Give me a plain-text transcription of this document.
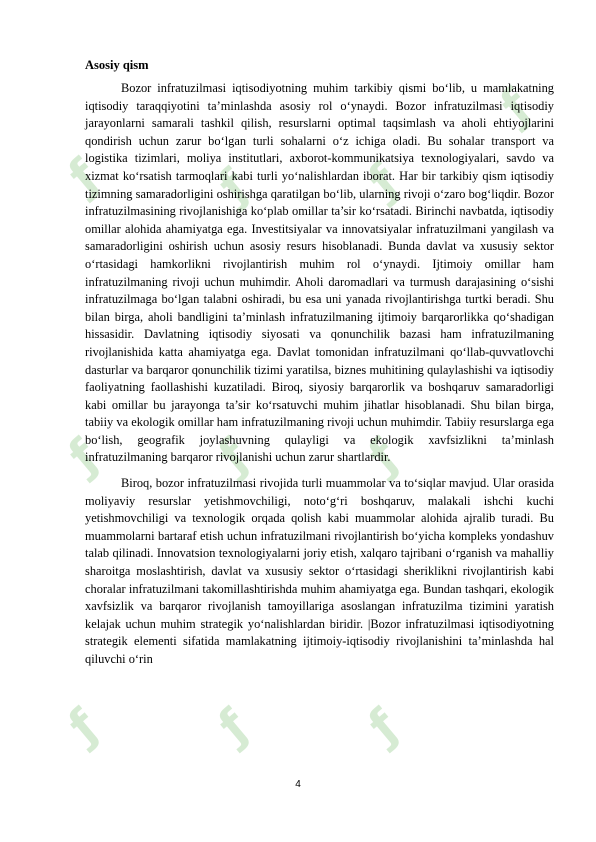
ƒ	ƒ	ƒ
ƒ
ƒ	ƒ	ƒ
ƒ	ƒ	ƒ
Asosiy qism

Bozor infratuzilmasi iqtisodiyotning muhim tarkibiy qismi bo‘lib, u mamlakatning iqtisodiy taraqqiyotini ta’minlashda asosiy rol o‘ynaydi. Bozor infratuzilmasi iqtisodiy jarayonlarni samarali tashkil qilish, resurslarni optimal taqsimlash va aholi ehtiyojlarini qondirish uchun zarur bo‘lgan turli sohalarni o‘z ichiga oladi. Bu sohalar transport va logistika tizimlari, moliya institutlari, axborot-kommunikatsiya texnologiyalari, savdo va xizmat ko‘rsatish tarmoqlari kabi turli yo‘nalishlardan iborat. Har bir tarkibiy qism iqtisodiy tizimning samaradorligini oshirishga qaratilgan bo‘lib, ularning rivoji o‘zaro bog‘liqdir. Bozor infratuzilmasining rivojlanishiga ko‘plab omillar ta’sir ko‘rsatadi. Birinchi navbatda, iqtisodiy omillar alohida ahamiyatga ega. Investitsiyalar va innovatsiyalar infratuzilmani yangilash va samaradorligini oshirish uchun asosiy resurs hisoblanadi. Bunda davlat va xususiy sektor o‘rtasidagi hamkorlikni rivojlantirish muhim rol o‘ynaydi. Ijtimoiy omillar ham infratuzilmaning rivoji uchun muhimdir. Aholi daromadlari va turmush darajasining o‘sishi infratuzilmaga bo‘lgan talabni oshiradi, bu esa uni yanada rivojlantirishga turtki beradi. Shu bilan birga, aholi bandligini ta’minlash infratuzilmaning ijtimoiy barqarorlikka qo‘shadigan hissasidir. Davlatning iqtisodiy siyosati va qonunchilik bazasi ham infratuzilmaning rivojlanishida katta ahamiyatga ega. Davlat tomonidan infratuzilmani qo‘llab-quvvatlovchi dasturlar va barqaror qonunchilik tizimi yaratilsa, biznes muhitining qulaylashishi va iqtisodiy faoliyatning faollashishi kuzatiladi. Biroq, siyosiy barqarorlik va boshqaruv samaradorligi kabi omillar bu jarayonga ta’sir ko‘rsatuvchi muhim jihatlar hisoblanadi. Shu bilan birga, tabiiy va ekologik omillar ham infratuzilmaning rivoji uchun muhimdir. Tabiiy resurslarga ega bo‘lish, geografik joylashuvning qulayligi va ekologik xavfsizlikni ta’minlash infratuzilmaning barqaror rivojlanishi uchun zarur shartlardir.

Biroq, bozor infratuzilmasi rivojida turli muammolar va to‘siqlar mavjud. Ular orasida moliyaviy resurslar yetishmovchiligi, noto‘g‘ri boshqaruv, malakali ishchi kuchi yetishmovchiligi va texnologik orqada qolish kabi muammolar alohida ajralib turadi. Bu muammolarni bartaraf etish uchun infratuzilmani rivojlantirish bo‘yicha kompleks yondashuv talab qilinadi. Innovatsion texnologiyalarni joriy etish, xalqaro tajribani o‘rganish va mahalliy sharoitga moslashtirish, davlat va xususiy sektor o‘rtasidagi sheriklikni rivojlantirish kabi choralar infratuzilmani takomillashtirishda muhim ahamiyatga ega. Bundan tashqari, ekologik xavfsizlik va barqaror rivojlanish tamoyillariga asoslangan infratuzilma tizimini yaratish kelajak uchun muhim strategik yo‘nalishlardan biridir. |Bozor infratuzilmasi iqtisodiyotning strategik elementi sifatida mamlakatning ijtimoiy-iqtisodiy rivojlanishini ta’minlashda hal qiluvchi o‘rin

4
